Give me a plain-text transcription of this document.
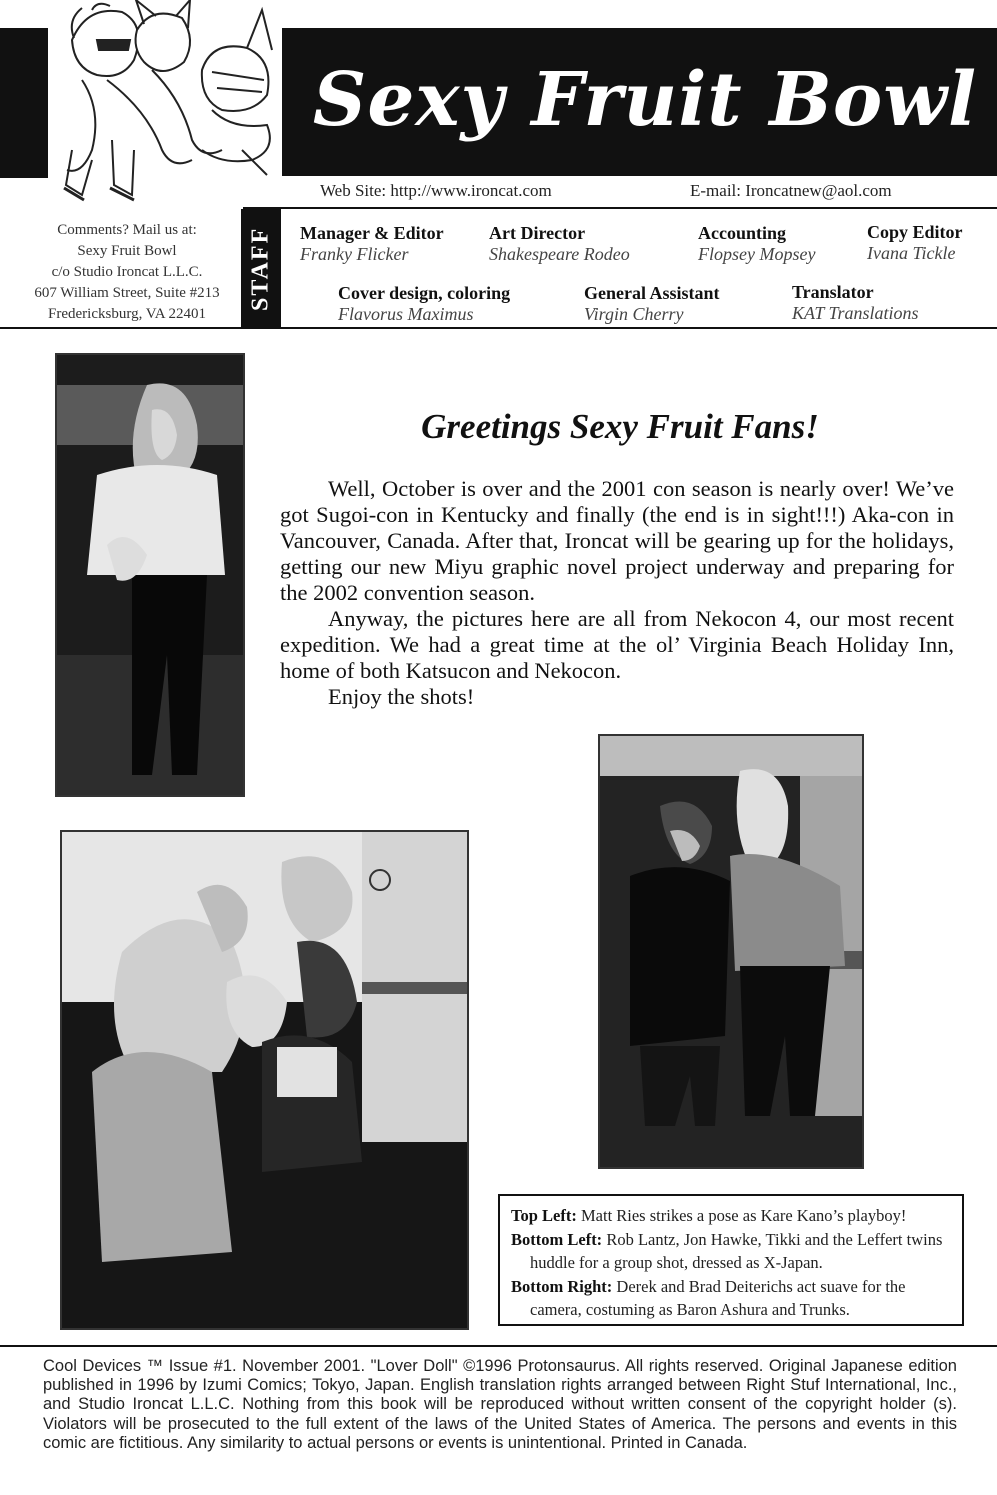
Sexy Fruit Bowl
Web Site: http://www.ironcat.com	E-mail: Ironcatnew@aol.com
STAFF
Comments? Mail us at:
Sexy Fruit Bowl
c/o Studio Ironcat L.L.C.
607 William Street, Suite #213
Fredericksburg, VA 22401
Manager & Editor
Franky Flicker
Art Director
Shakespeare Rodeo
Accounting
Flopsey Mopsey
Copy Editor
Ivana Tickle
Cover design, coloring
Flavorus Maximus
General Assistant
Virgin Cherry
Translator
KAT Translations
Greetings Sexy Fruit Fans!

Well, October is over and the 2001 con season is nearly over! We’ve got Sugoi-con in Kentucky and finally (the end is in sight!!!) Aka-con in Vancouver, Canada. After that, Ironcat will be gearing up for the holidays, getting our new Miyu graphic novel project underway and preparing for the 2002 convention season.

Anyway, the pictures here are all from Nekocon 4, our most recent expedition. We had a great time at the ol’ Virginia Beach Holiday Inn, home of both Katsucon and Nekocon.

Enjoy the shots!

Top Left: Matt Ries strikes a pose as Kare Kano’s playboy!
Bottom Left: Rob Lantz, Jon Hawke, Tikki and the Leffert twins huddle for a group shot, dressed as X-Japan.
Bottom Right: Derek and Brad Deiterichs act suave for the camera, costuming as Baron Ashura and Trunks.
Cool Devices ™ Issue #1. November 2001. "Lover Doll" ©1996 Protonsaurus. All rights reserved. Original Japanese edition published in 1996 by Izumi Comics; Tokyo, Japan. English translation rights arranged between Right Stuf International, Inc., and Studio Ironcat L.L.C. Nothing from this book will be reproduced without written consent of the copyright holder (s). Violators will be prosecuted to the full extent of the laws of the United States of America. The persons and events in this comic are fictitious. Any similarity to actual persons or events is unintentional. Printed in Canada.
